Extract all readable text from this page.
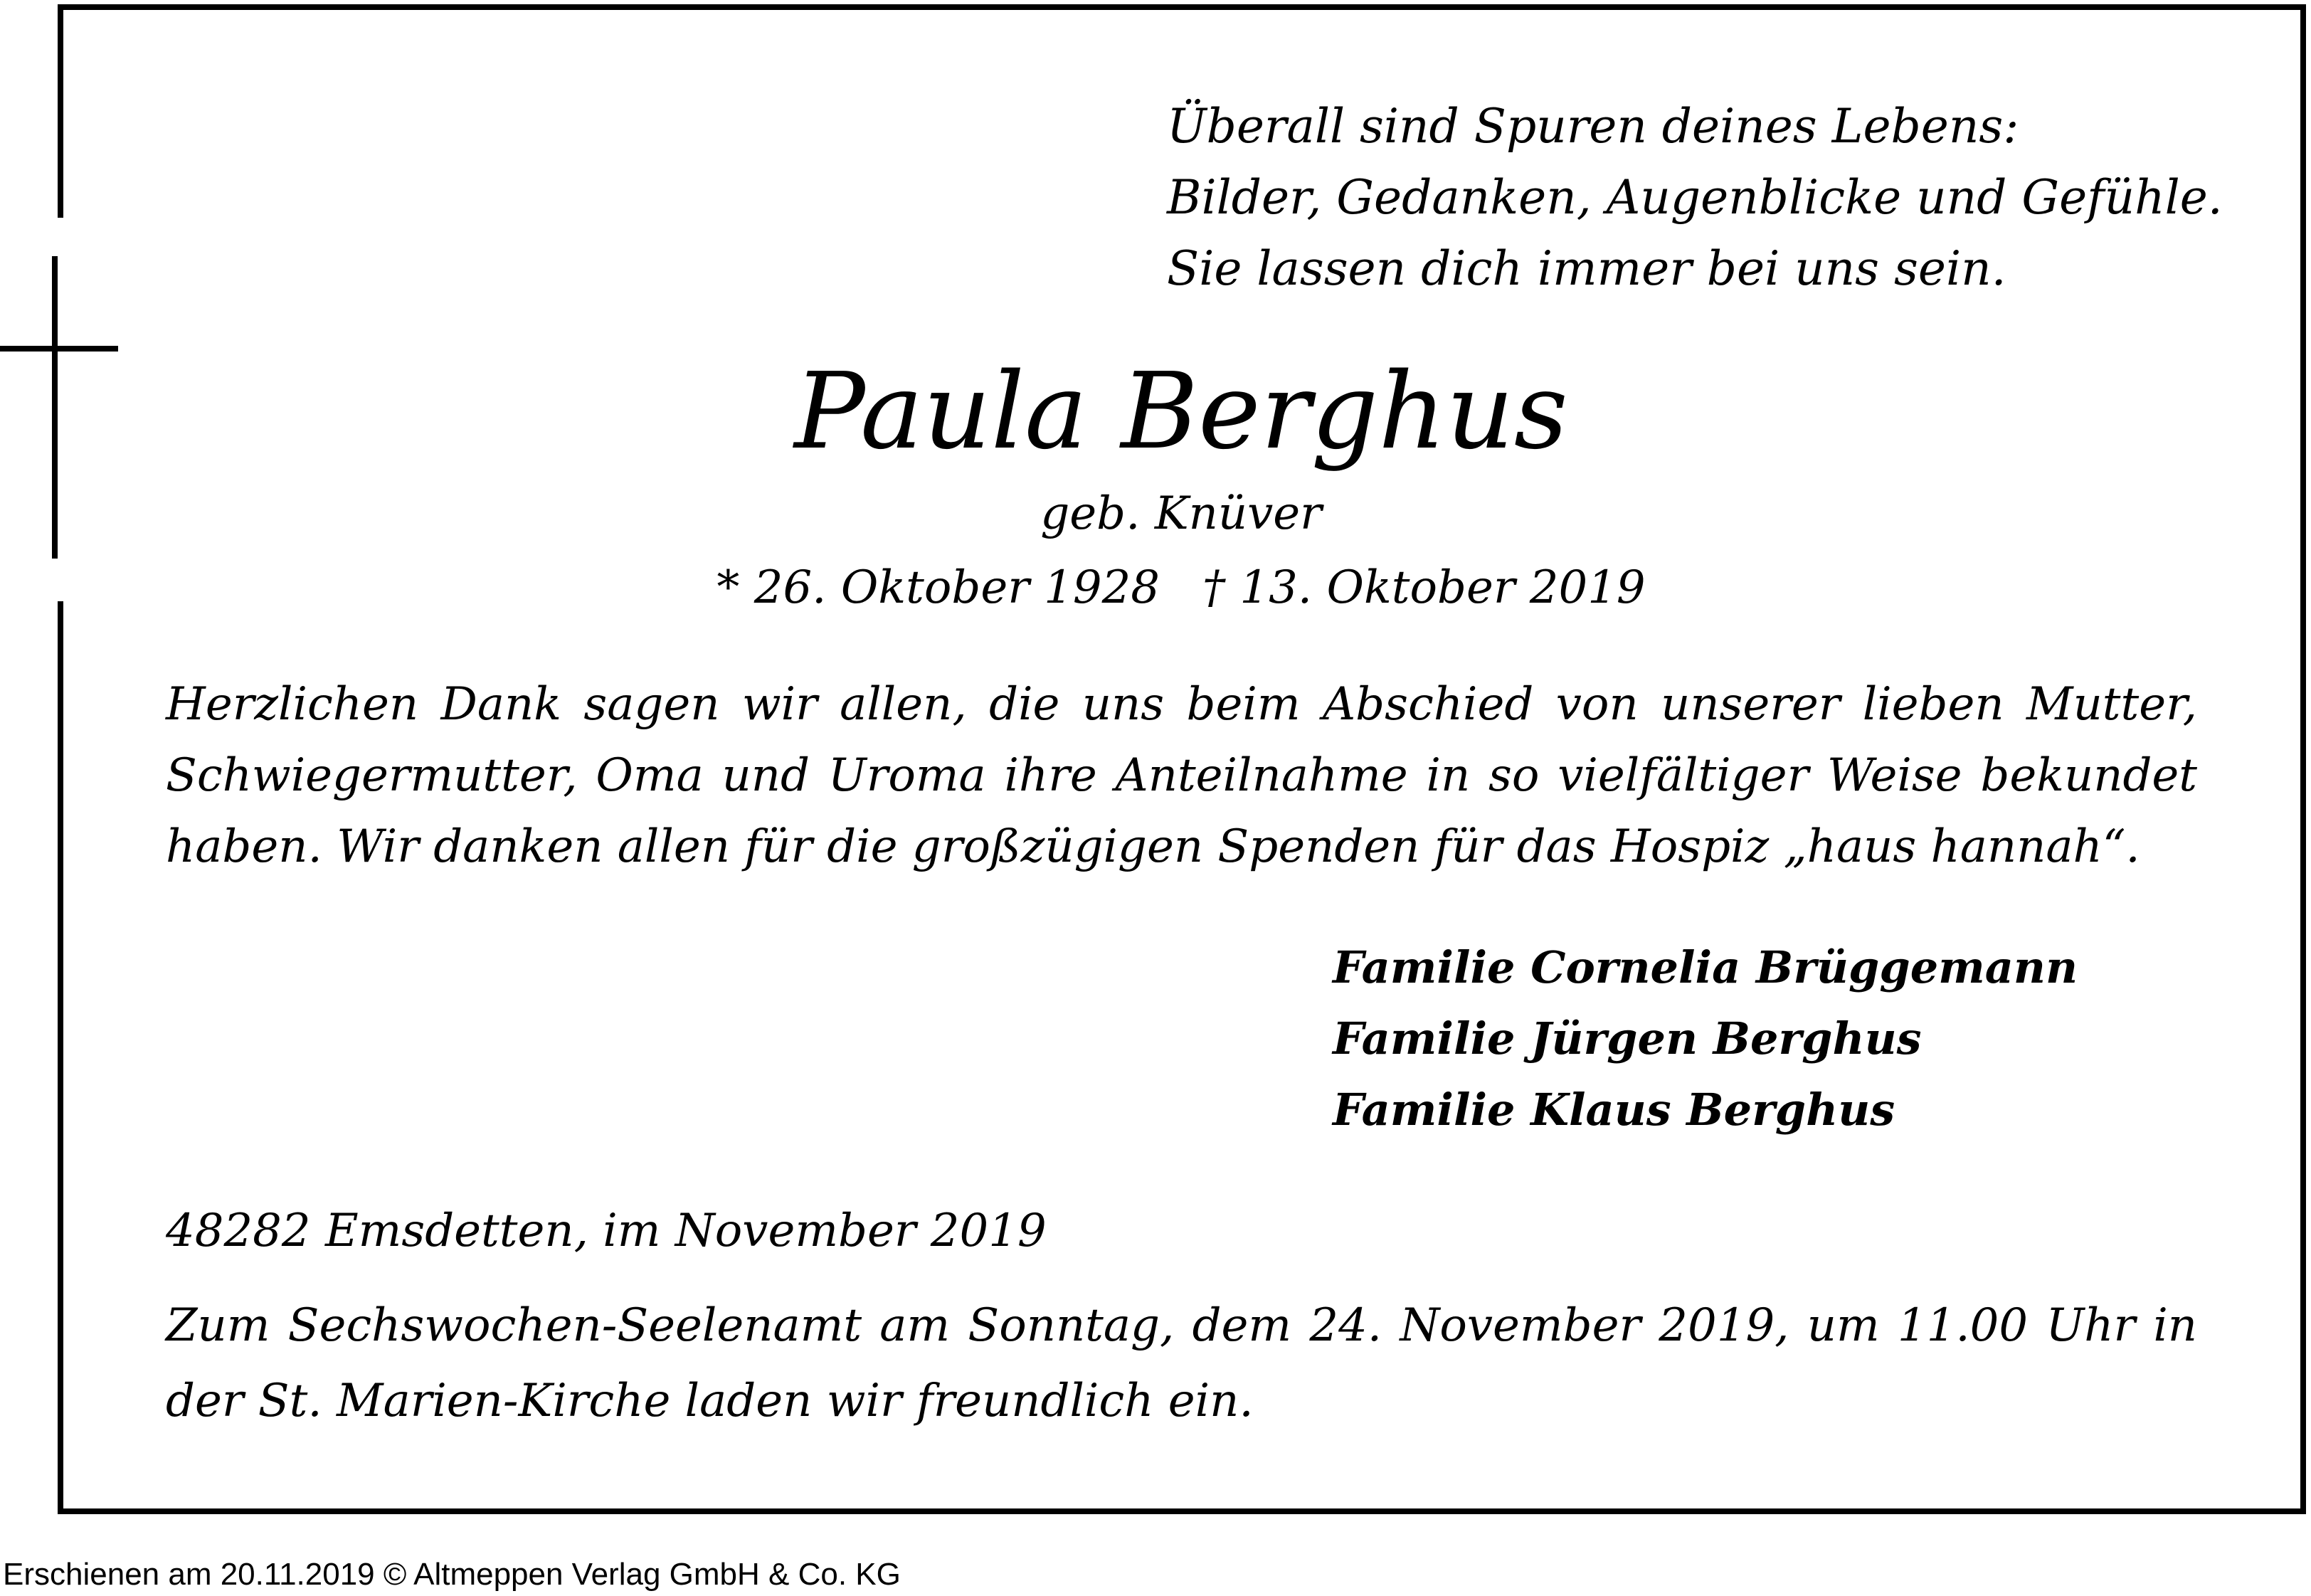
Überall sind Spuren deines Lebens:
Bilder, Gedanken, Augenblicke und Gefühle.
Sie lassen dich immer bei uns sein.
Paula Berghus
geb. Knüver
* 26. Oktober 1928 † 13. Oktober 2019
Herzlichen Dank sagen wir allen, die uns beim Abschied von unserer lieben Mutter, Schwiegermutter, Oma und Uroma ihre Anteilnahme in so vielfältiger Weise bekundet haben. Wir danken allen für die großzügigen Spenden für das Hospiz „haus hannah“.
Familie Cornelia Brüggemann
Familie Jürgen Berghus
Familie Klaus Berghus
48282 Emsdetten, im November 2019
Zum Sechswochen-Seelenamt am Sonntag, dem 24. November 2019, um 11.00 Uhr in der St. Marien-Kirche laden wir freundlich ein.
Erschienen am 20.11.2019 © Altmeppen Verlag GmbH & Co. KG
